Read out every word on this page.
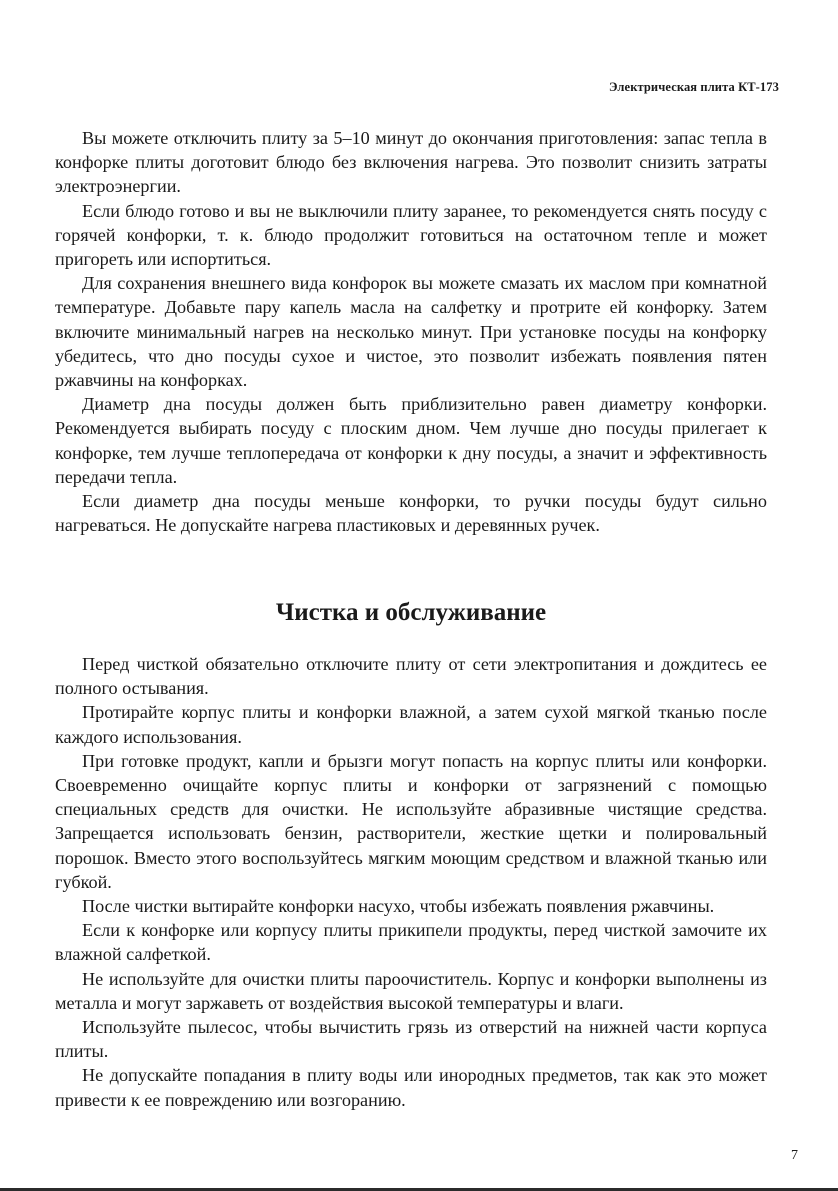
Электрическая плита КТ-173

Вы можете отключить плиту за 5–10 минут до окончания приготовления: запас тепла в конфорке плиты доготовит блюдо без включения нагрева. Это позволит снизить затраты электроэнергии.

Если блюдо готово и вы не выключили плиту заранее, то рекомендуется снять посуду с горячей конфорки, т. к. блюдо продолжит готовиться на остаточном тепле и может пригореть или испортиться.

Для сохранения внешнего вида конфорок вы можете смазать их маслом при комнатной температуре. Добавьте пару капель масла на салфетку и протрите ей конфорку. Затем включите минимальный нагрев на несколько минут. При установке посуды на конфорку убедитесь, что дно посуды сухое и чистое, это позволит избежать появления пятен ржавчины на конфорках.

Диаметр дна посуды должен быть приблизительно равен диаметру конфорки. Рекомендуется выбирать посуду с плоским дном. Чем лучше дно посуды прилегает к конфорке, тем лучше теплопередача от конфорки к дну посуды, а значит и эффективность передачи тепла.

Если диаметр дна посуды меньше конфорки, то ручки посуды будут сильно нагреваться. Не допускайте нагрева пластиковых и деревянных ручек.

Чистка и обслуживание

Перед чисткой обязательно отключите плиту от сети электропитания и дождитесь ее полного остывания.

Протирайте корпус плиты и конфорки влажной, а затем сухой мягкой тканью после каждого использования.

При готовке продукт, капли и брызги могут попасть на корпус плиты или конфорки. Своевременно очищайте корпус плиты и конфорки от загрязнений с помощью специальных средств для очистки. Не используйте абразивные чистящие средства. Запрещается использовать бензин, растворители, жесткие щетки и полировальный порошок. Вместо этого воспользуйтесь мягким моющим средством и влажной тканью или губкой.

После чистки вытирайте конфорки насухо, чтобы избежать появления ржавчины.

Если к конфорке или корпусу плиты прикипели продукты, перед чисткой замочите их влажной салфеткой.

Не используйте для очистки плиты пароочиститель. Корпус и конфорки выполнены из металла и могут заржаветь от воздействия высокой температуры и влаги.

Используйте пылесос, чтобы вычистить грязь из отверстий на нижней части корпуса плиты.

Не допускайте попадания в плиту воды или инородных предметов, так как это может привести к ее повреждению или возгоранию.

7
